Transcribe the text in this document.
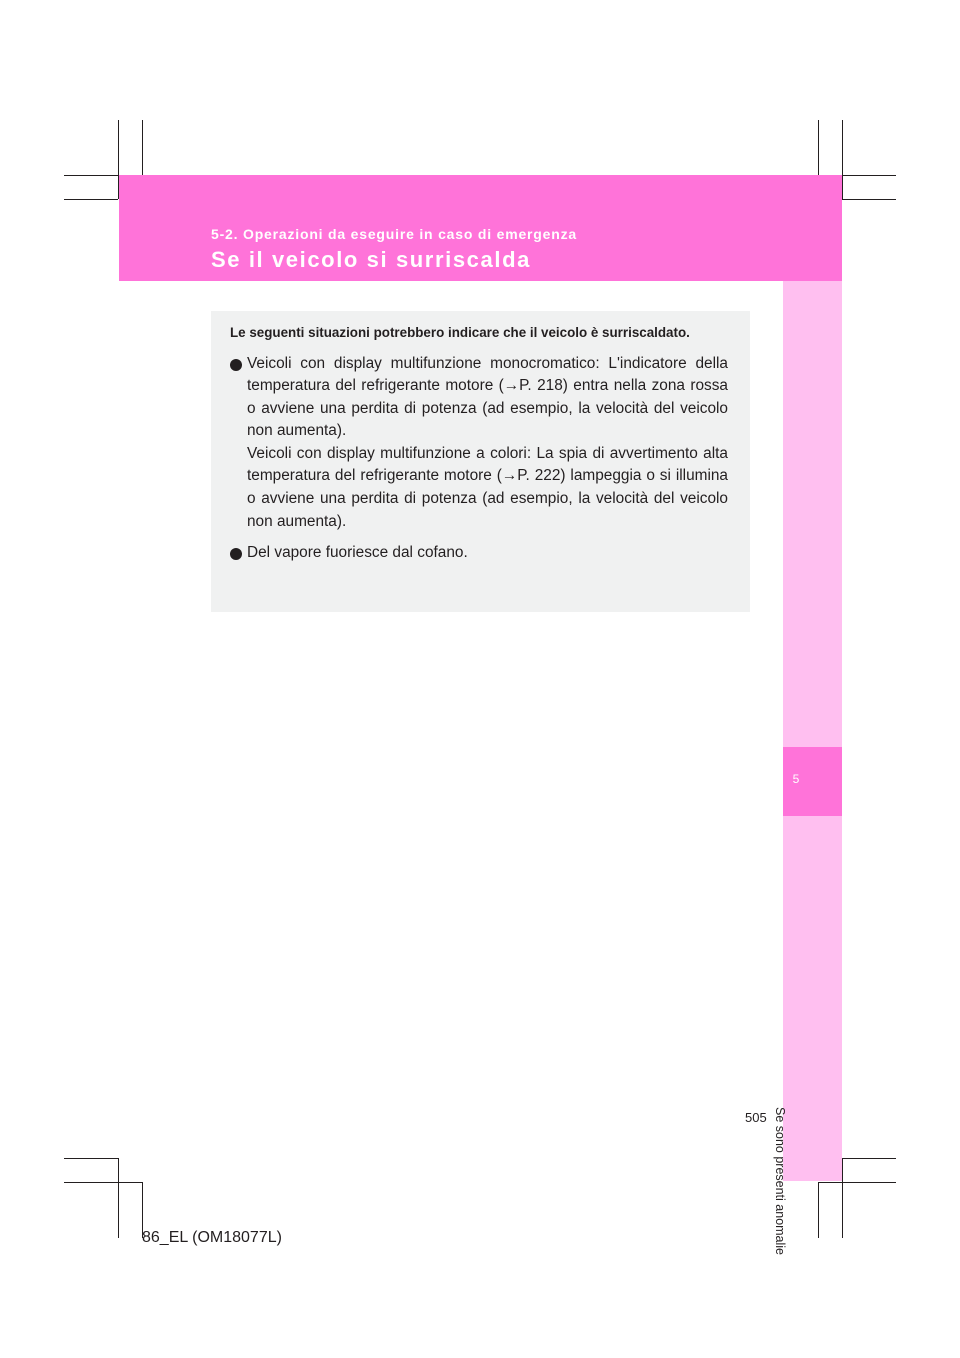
5-2. Operazioni da eseguire in caso di emergenza
Se il veicolo si surriscalda
5
Se sono presenti anomalie

Le seguenti situazioni potrebbero indicare che il veicolo è surriscaldato.

Veicoli con display multifunzione monocromatico: L'indicatore della temperatura del refrigerante motore (→P. 218) entra nella zona rossa o avviene una perdita di potenza (ad esempio, la velocità del veicolo non aumenta).

Veicoli con display multifunzione a colori: La spia di avvertimento alta temperatura del refrigerante motore (→P. 222) lampeggia o si illumina o avviene una perdita di potenza (ad esempio, la velocità del veicolo non aumenta).

Del vapore fuoriesce dal cofano.

505
86_EL (OM18077L)
